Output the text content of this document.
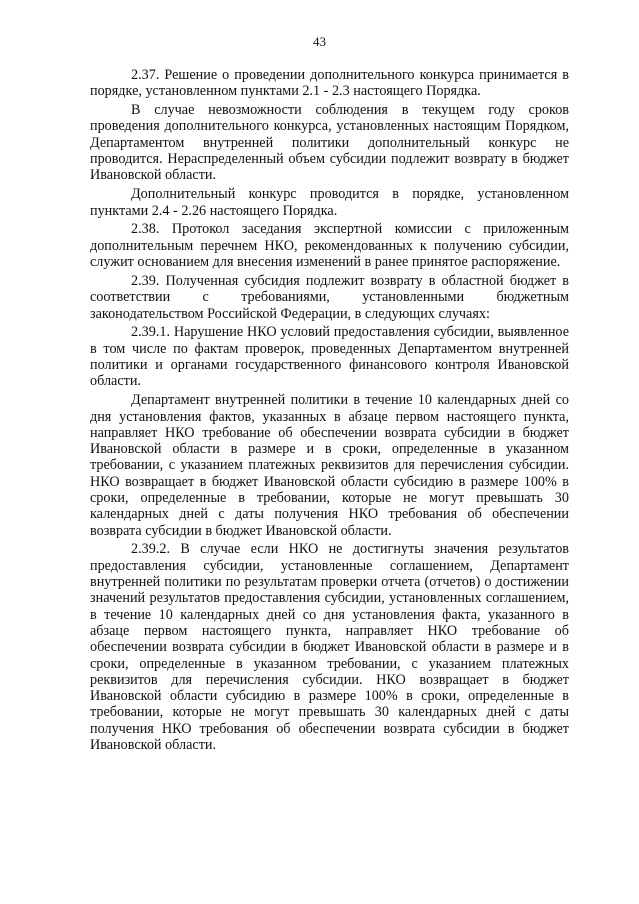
43

2.37. Решение о проведении дополнительного конкурса принимается в порядке, установленном пунктами 2.1 - 2.3 настоящего Порядка.

В случае невозможности соблюдения в текущем году сроков проведения дополнительного конкурса, установленных настоящим Порядком, Департаментом внутренней политики дополнительный конкурс не проводится. Нераспределенный объем субсидии подлежит возврату в бюджет Ивановской области.

Дополнительный конкурс проводится в порядке, установленном пунктами 2.4 - 2.26 настоящего Порядка.

2.38. Протокол заседания экспертной комиссии с приложенным дополнительным перечнем НКО, рекомендованных к получению субсидии, служит основанием для внесения изменений в ранее принятое распоряжение.

2.39. Полученная субсидия подлежит возврату в областной бюджет в соответствии с требованиями, установленными бюджетным законодательством Российской Федерации, в следующих случаях:

2.39.1. Нарушение НКО условий предоставления субсидии, выявленное в том числе по фактам проверок, проведенных Департаментом внутренней политики и органами государственного финансового контроля Ивановской области.

Департамент внутренней политики в течение 10 календарных дней со дня установления фактов, указанных в абзаце первом настоящего пункта, направляет НКО требование об обеспечении возврата субсидии в бюджет Ивановской области в размере и в сроки, определенные в указанном требовании, с указанием платежных реквизитов для перечисления субсидии. НКО возвращает в бюджет Ивановской области субсидию в размере 100% в сроки, определенные в требовании, которые не могут превышать 30 календарных дней с даты получения НКО требования об обеспечении возврата субсидии в бюджет Ивановской области.

2.39.2. В случае если НКО не достигнуты значения результатов предоставления субсидии, установленные соглашением, Департамент внутренней политики по результатам проверки отчета (отчетов) о достижении значений результатов предоставления субсидии, установленных соглашением, в течение 10 календарных дней со дня установления факта, указанного в абзаце первом настоящего пункта, направляет НКО требование об обеспечении возврата субсидии в бюджет Ивановской области в размере и в сроки, определенные в указанном требовании, с указанием платежных реквизитов для перечисления субсидии. НКО возвращает в бюджет Ивановской области субсидию в размере 100% в сроки, определенные в требовании, которые не могут превышать 30 календарных дней с даты получения НКО требования об обеспечении возврата субсидии в бюджет Ивановской области.
